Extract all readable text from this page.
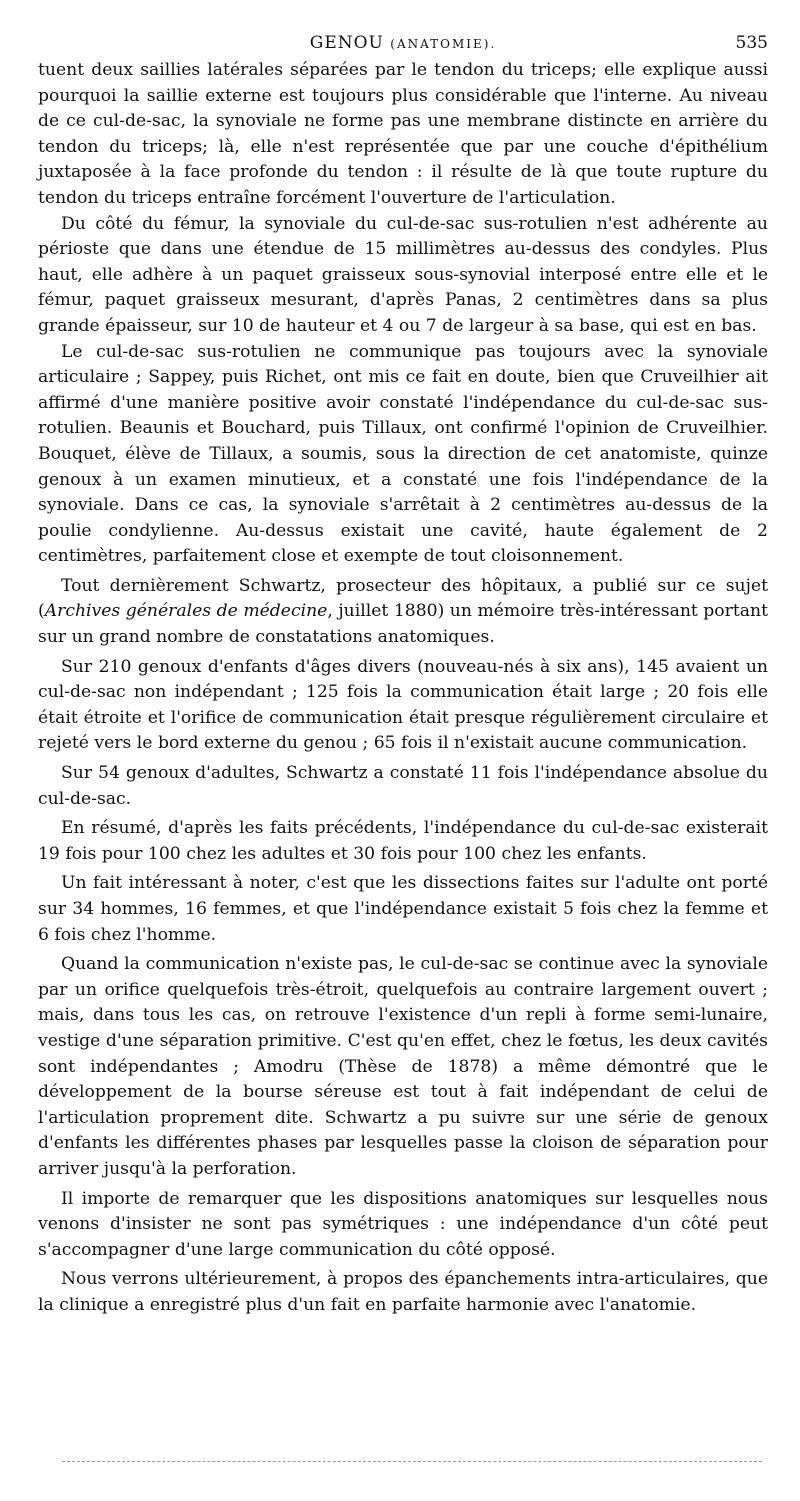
GENOU (ANATOMIE).	535

tuent deux saillies latérales séparées par le tendon du triceps; elle explique aussi pourquoi la saillie externe est toujours plus considérable que l'interne. Au niveau de ce cul-de-sac, la synoviale ne forme pas une membrane distincte en arrière du tendon du triceps; là, elle n'est représentée que par une couche d'épithélium juxtaposée à la face profonde du tendon : il résulte de là que toute rupture du tendon du triceps entraîne forcément l'ouverture de l'articulation.

Du côté du fémur, la synoviale du cul-de-sac sus-rotulien n'est adhérente au périoste que dans une étendue de 15 millimètres au-dessus des condyles. Plus haut, elle adhère à un paquet graisseux sous-synovial interposé entre elle et le fémur, paquet graisseux mesurant, d'après Panas, 2 centimètres dans sa plus grande épaisseur, sur 10 de hauteur et 4 ou 7 de largeur à sa base, qui est en bas.

Le cul-de-sac sus-rotulien ne communique pas toujours avec la synoviale articulaire ; Sappey, puis Richet, ont mis ce fait en doute, bien que Cruveilhier ait affirmé d'une manière positive avoir constaté l'indépendance du cul-de-sac sus-rotulien. Beaunis et Bouchard, puis Tillaux, ont confirmé l'opinion de Cruveilhier. Bouquet, élève de Tillaux, a soumis, sous la direction de cet anatomiste, quinze genoux à un examen minutieux, et a constaté une fois l'indépendance de la synoviale. Dans ce cas, la synoviale s'arrêtait à 2 centimètres au-dessus de la poulie condylienne. Au-dessus existait une cavité, haute également de 2 centimètres, parfaitement close et exempte de tout cloisonnement.

Tout dernièrement Schwartz, prosecteur des hôpitaux, a publié sur ce sujet (Archives générales de médecine, juillet 1880) un mémoire très-intéressant portant sur un grand nombre de constatations anatomiques.

Sur 210 genoux d'enfants d'âges divers (nouveau-nés à six ans), 145 avaient un cul-de-sac non indépendant ; 125 fois la communication était large ; 20 fois elle était étroite et l'orifice de communication était presque régulièrement circulaire et rejeté vers le bord externe du genou ; 65 fois il n'existait aucune communication.

Sur 54 genoux d'adultes, Schwartz a constaté 11 fois l'indépendance absolue du cul-de-sac.

En résumé, d'après les faits précédents, l'indépendance du cul-de-sac existerait 19 fois pour 100 chez les adultes et 30 fois pour 100 chez les enfants.

Un fait intéressant à noter, c'est que les dissections faites sur l'adulte ont porté sur 34 hommes, 16 femmes, et que l'indépendance existait 5 fois chez la femme et 6 fois chez l'homme.

Quand la communication n'existe pas, le cul-de-sac se continue avec la synoviale par un orifice quelquefois très-étroit, quelquefois au contraire largement ouvert ; mais, dans tous les cas, on retrouve l'existence d'un repli à forme semi-lunaire, vestige d'une séparation primitive. C'est qu'en effet, chez le fœtus, les deux cavités sont indépendantes ; Amodru (Thèse de 1878) a même démontré que le développement de la bourse séreuse est tout à fait indépendant de celui de l'articulation proprement dite. Schwartz a pu suivre sur une série de genoux d'enfants les différentes phases par lesquelles passe la cloison de séparation pour arriver jusqu'à la perforation.

Il importe de remarquer que les dispositions anatomiques sur lesquelles nous venons d'insister ne sont pas symétriques : une indépendance d'un côté peut s'accompagner d'une large communication du côté opposé.

Nous verrons ultérieurement, à propos des épanchements intra-articulaires, que la clinique a enregistré plus d'un fait en parfaite harmonie avec l'anatomie.
